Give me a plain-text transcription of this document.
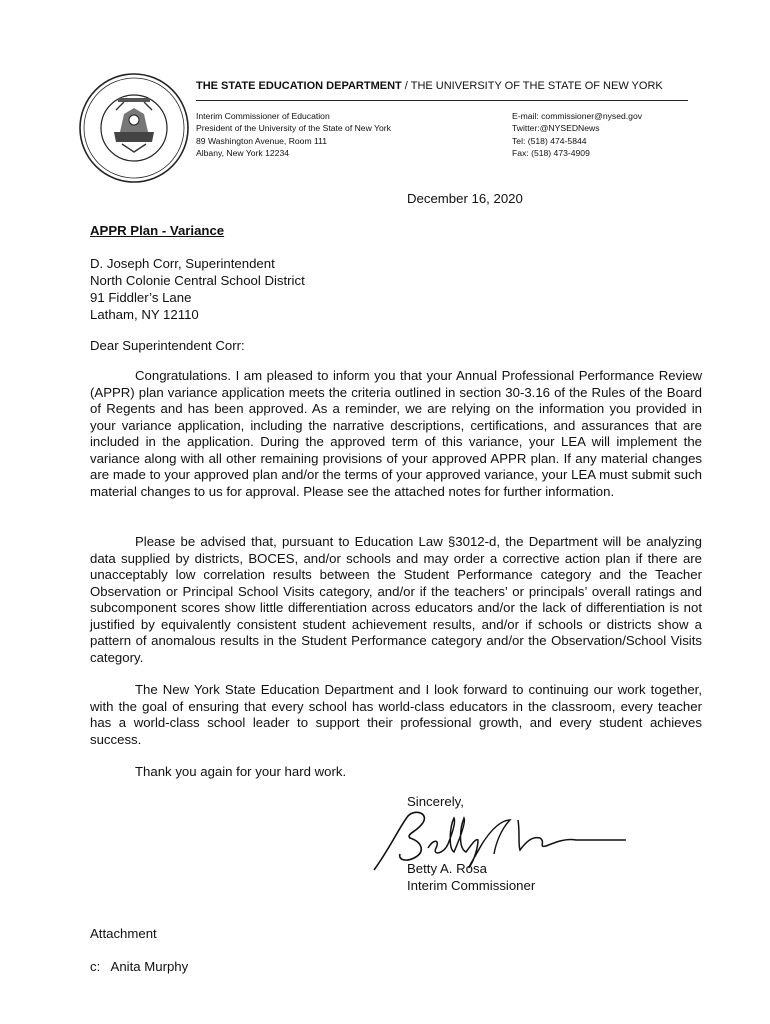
THE STATE EDUCATION DEPARTMENT / THE UNIVERSITY OF THE STATE OF NEW YORK
Interim Commissioner of Education
President of the University of the State of New York
89 Washington Avenue, Room 111
Albany, New York 12234
E-mail: commissioner@nysed.gov
Twitter:@NYSEDNews
Tel: (518) 474-5844
Fax: (518) 473-4909
December 16, 2020
APPR Plan - Variance
D. Joseph Corr, Superintendent
North Colonie Central School District
91 Fiddler’s Lane
Latham, NY 12110
Dear Superintendent Corr:

Congratulations. I am pleased to inform you that your Annual Professional Performance Review (APPR) plan variance application meets the criteria outlined in section 30-3.16 of the Rules of the Board of Regents and has been approved. As a reminder, we are relying on the information you provided in your variance application, including the narrative descriptions, certifications, and assurances that are included in the application. During the approved term of this variance, your LEA will implement the variance along with all other remaining provisions of your approved APPR plan. If any material changes are made to your approved plan and/or the terms of your approved variance, your LEA must submit such material changes to us for approval. Please see the attached notes for further information.

Please be advised that, pursuant to Education Law §3012-d, the Department will be analyzing data supplied by districts, BOCES, and/or schools and may order a corrective action plan if there are unacceptably low correlation results between the Student Performance category and the Teacher Observation or Principal School Visits category, and/or if the teachers’ or principals’ overall ratings and subcomponent scores show little differentiation across educators and/or the lack of differentiation is not justified by equivalently consistent student achievement results, and/or if schools or districts show a pattern of anomalous results in the Student Performance category and/or the Observation/School Visits category.

The New York State Education Department and I look forward to continuing our work together, with the goal of ensuring that every school has world-class educators in the classroom, every teacher has a world-class school leader to support their professional growth, and every student achieves success.

Thank you again for your hard work.

Sincerely,
Betty A. Rosa
Interim Commissioner
Attachment
c:   Anita Murphy
